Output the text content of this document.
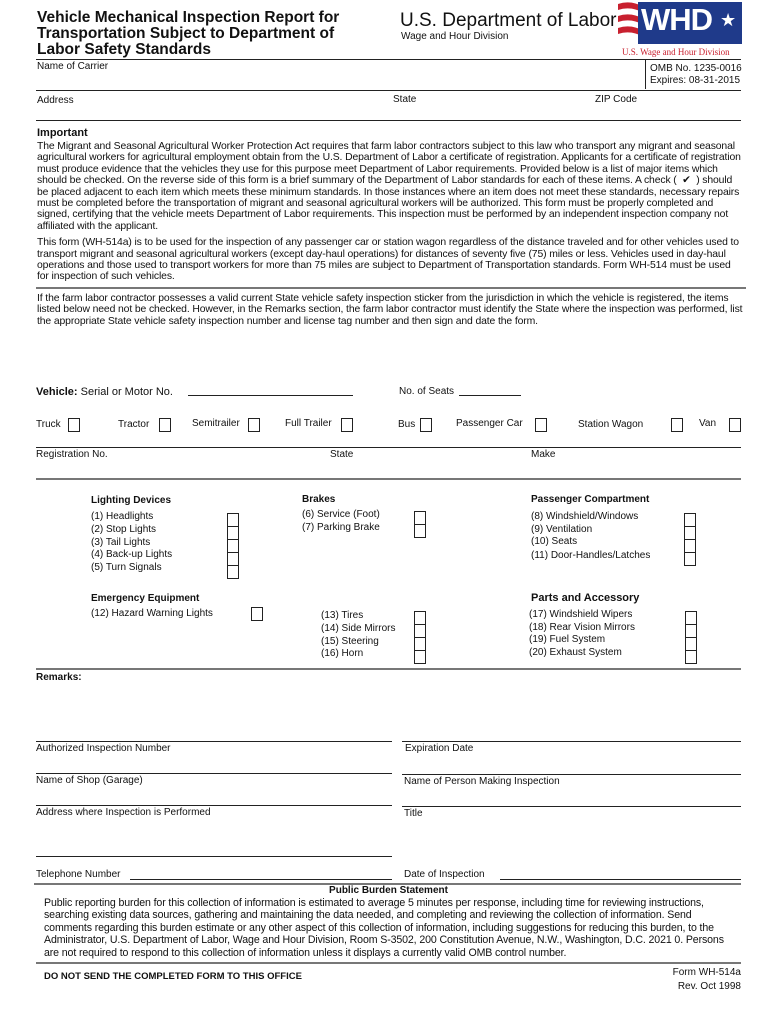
Vehicle Mechanical Inspection Report for
Transportation Subject to Department of
Labor Safety Standards
U.S. Department of Labor
Wage and Hour Division	WHD ★
U.S. Wage and Hour Division
Name of Carrier	OMB No. 1235-0016
Expires: 08-31-2015
Address	State	ZIP Code
Important

The Migrant and Seasonal Agricultural Worker Protection Act requires that farm labor contractors subject to this law who transport any migrant and seasonal agricultural workers for agricultural employment obtain from the U.S. Department of Labor a certificate of registration. Applicants for a certificate of registration must produce evidence that the vehicles they use for this purpose meet Department of Labor requirements. Provided below is a list of major items which should be checked. On the reverse side of this form is a brief summary of the Department of Labor standards for each of these items. A check ( ✔ ) should be placed adjacent to each item which meets these minimum standards. In those instances where an item does not meet these standards, necessary repairs must be completed before the transportation of migrant and seasonal agricultural workers will be authorized. This form must be properly completed and signed, certifying that the vehicle meets Department of Labor requirements. This inspection must be performed by an independent inspection company not affiliated with the applicant.

This form (WH-514a) is to be used for the inspection of any passenger car or station wagon regardless of the distance traveled and for other vehicles used to transport migrant and seasonal agricultural workers (except day-haul operations) for distances of seventy five (75) miles or less. Vehicles used in day-haul operations and those used to transport workers for more than 75 miles are subject to Department of Transportation standards. Form WH-514 must be used for inspection of such vehicles.

If the farm labor contractor possesses a valid current State vehicle safety inspection sticker from the jurisdiction in which the vehicle is registered, the items listed below need not be checked. However, in the Remarks section, the farm labor contractor must identify the State where the inspection was performed, list the appropriate State vehicle safety inspection number and license tag number and then sign and date the form.

Vehicle: Serial or Motor No.	No. of Seats
Truck	Tractor	Semitrailer	Full Trailer	Bus	Passenger Car	Station Wagon	Van
Registration No.	State	Make
Lighting Devices
(1) Headlights
(2) Stop Lights
(3) Tail Lights
(4) Back-up Lights
(5) Turn Signals
Brakes
(6) Service (Foot)
(7) Parking Brake
Passenger Compartment
(8) Windshield/Windows
(9) Ventilation
(10) Seats
(11) Door-Handles/Latches
Emergency Equipment
(12) Hazard Warning Lights	(13) Tires
(14) Side Mirrors
(15) Steering
(16) Horn
Parts and Accessory
(17) Windshield Wipers
(18) Rear Vision Mirrors
(19) Fuel System
(20) Exhaust System
Remarks:
Authorized Inspection Number	Expiration Date
Name of Shop (Garage)	Name of Person Making Inspection
Address where Inspection is Performed	Title
Telephone Number	Date of Inspection
Public Burden Statement

Public reporting burden for this collection of information is estimated to average 5 minutes per response, including time for reviewing instructions, searching existing data sources, gathering and maintaining the data needed, and completing and reviewing the collection of information. Send comments regarding this burden estimate or any other aspect of this collection of information, including suggestions for reducing this burden, to the Administrator, U.S. Department of Labor, Wage and Hour Division, Room S-3502, 200 Constitution Avenue, N.W., Washington, D.C. 2021 0. Persons are not required to respond to this collection of information unless it displays a currently valid OMB control number.

DO NOT SEND THE COMPLETED FORM TO THIS OFFICE	Form WH-514a
Rev. Oct 1998
